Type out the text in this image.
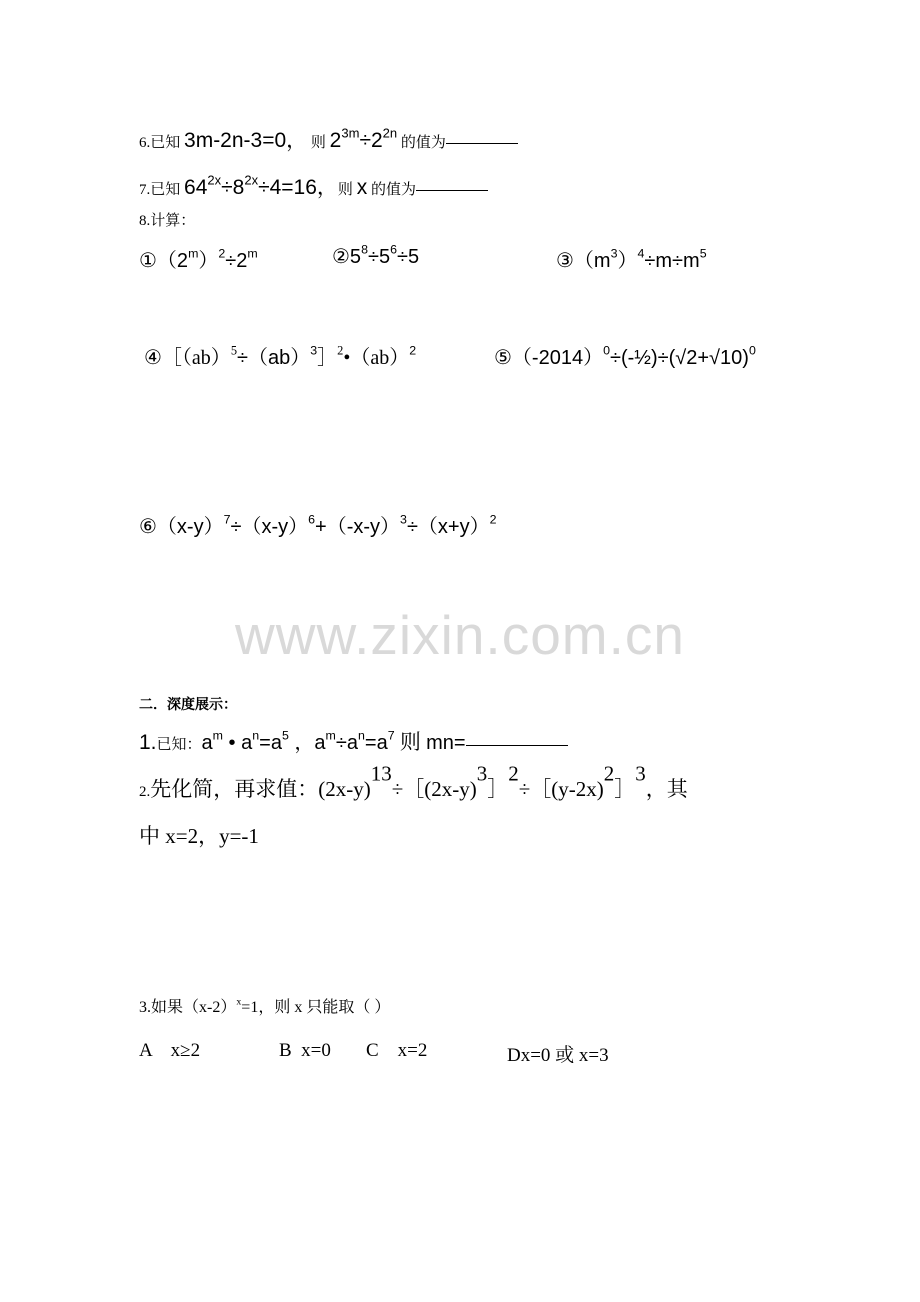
6.已知 3m-2n-3=0， 则 $2^{3m}\div 2^{2n}$ 的值为
7.已知 $64^{2x}\div 8^{2x}\div 4=16$，则 x 的值为
8.计算：
$①(2^m)^2\div 2^m$	$②5^8\div 5^6\div 5$	$③(m^3)^4\div m\div m^5$
④［（ab）$^5$÷（ab）$^3$］$^2$•（ab）$^2$	$⑤(-2014)^0\div(-\frac{1}{2})\div(√2+√10)^0$
$⑥(x-y)^7\div(x-y)^6+(-x-y)^3\div(x+y)^2$
www.zixin.com.cn
二．深度展示：
1.已知：$a^m$ • $a^n=a^5$ ，$a^m\div a^n=a^7$ 则 mn=
2.先化简，再求值：$(2x-y)^{13}\div[(2x-y)^3]^2\div[(y-2x)^2]^3$，其
中 x=2，y=-1
3.如果$(x-2)^x=1$，则 x 只能取（ ）
A    x≥2	B  x=0 C    x=2	Dx=0 或 x=3
